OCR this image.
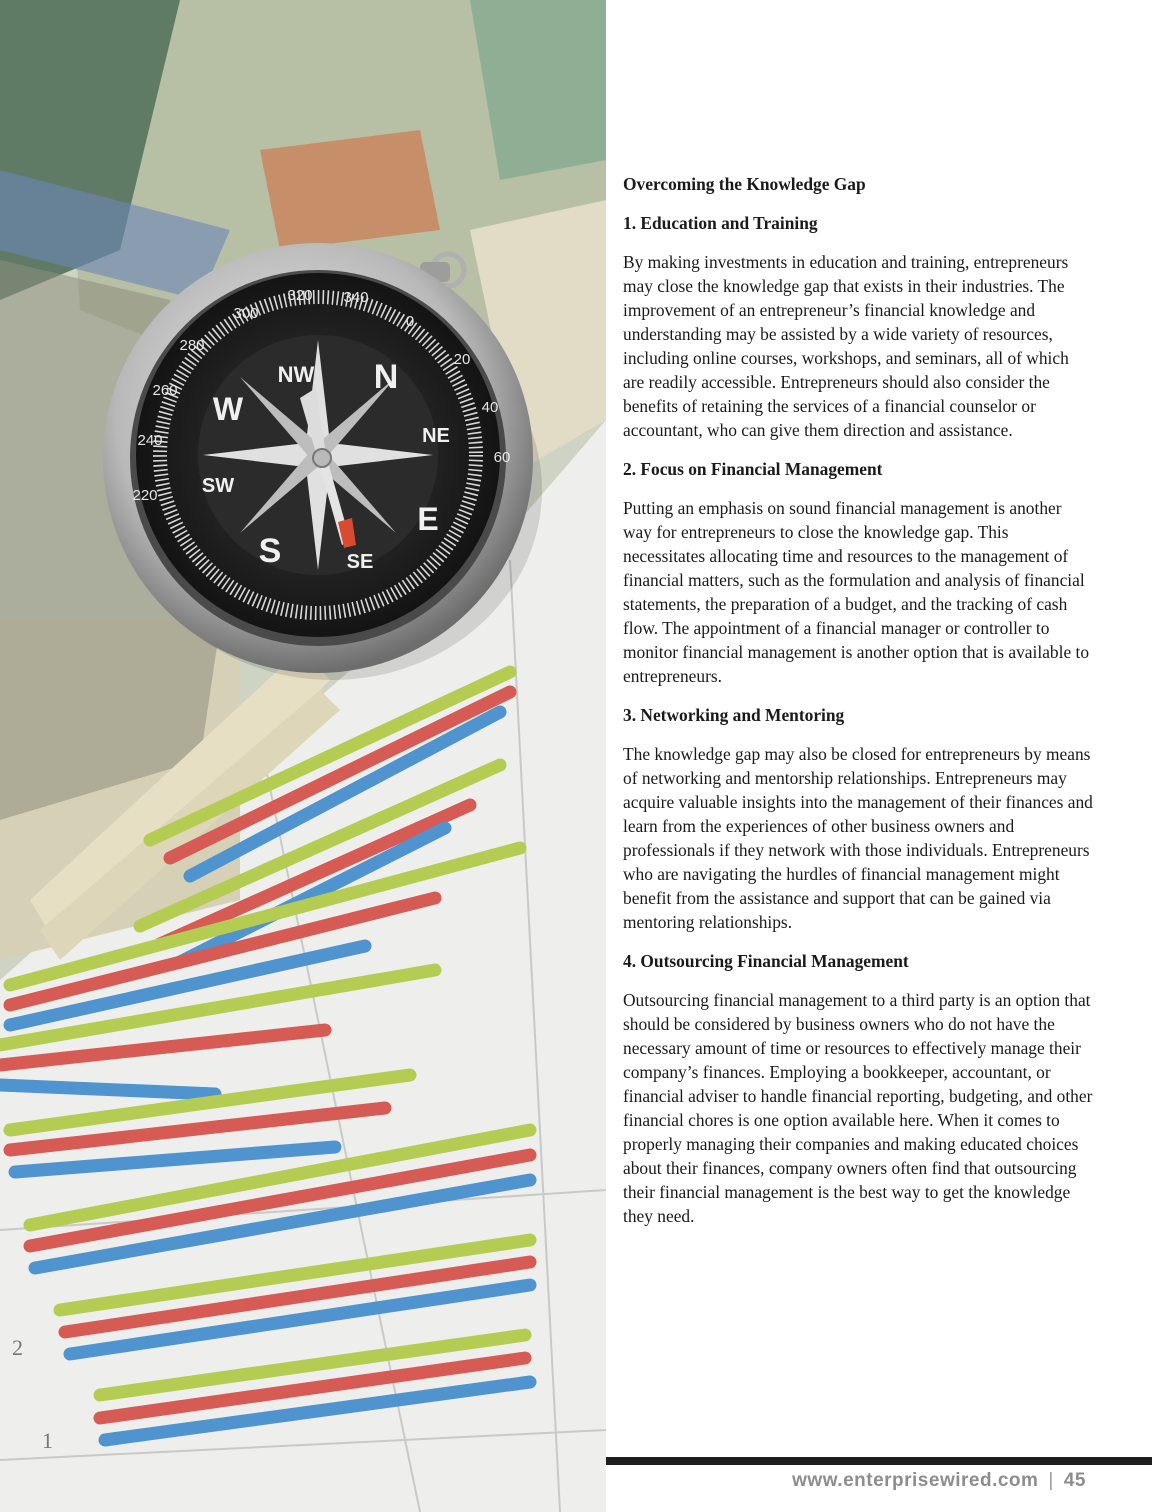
2
1
300
320 340
0
20
40
60
220
240
260
280
NW N
NE
E
SE
S
SW
W
Overcoming the Knowledge Gap
1. Education and Training

By making investments in education and training, entrepreneurs may close the knowledge gap that exists in their industries. The improvement of an entrepreneur’s financial knowledge and understanding may be assisted by a wide variety of resources, including online courses, workshops, and seminars, all of which are readily accessible. Entrepreneurs should also consider the benefits of retaining the services of a financial counselor or accountant, who can give them direction and assistance.

2. Focus on Financial Management

Putting an emphasis on sound financial management is another way for entrepreneurs to close the knowledge gap. This necessitates allocating time and resources to the management of financial matters, such as the formulation and analysis of financial statements, the preparation of a budget, and the tracking of cash flow. The appointment of a financial manager or controller to monitor financial management is another option that is available to entrepreneurs.

3. Networking and Mentoring

The knowledge gap may also be closed for entrepreneurs by means of networking and mentorship relationships. Entrepreneurs may acquire valuable insights into the management of their finances and learn from the experiences of other business owners and professionals if they network with those individuals. Entrepreneurs who are navigating the hurdles of financial management might benefit from the assistance and support that can be gained via mentoring relationships.

4. Outsourcing Financial Management

Outsourcing financial management to a third party is an option that should be considered by business owners who do not have the necessary amount of time or resources to effectively manage their company’s finances. Employing a bookkeeper, accountant, or financial adviser to handle financial reporting, budgeting, and other financial chores is one option available here. When it comes to properly managing their companies and making educated choices about their finances, company owners often find that outsourcing their financial management is the best way to get the knowledge they need.

www.enterprisewired.com | 45
